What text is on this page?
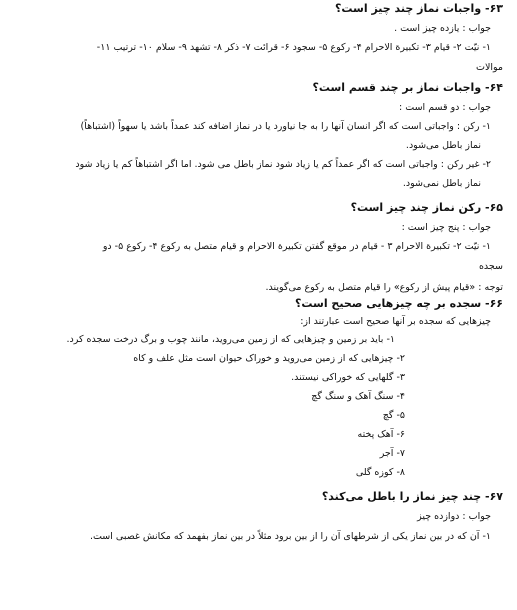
۶۳- واجبات نماز چند چیز است؟

جواب : یازده چیز است .

۱- نیّت ۲- قیام ۳- تکبیرة الاحرام ۴- رکوع ۵- سجود ۶- قرائت ۷- ذکر ۸- تشهد ۹- سلام ۱۰- ترتیب ۱۱-

موالات

۶۴- واجبات نماز بر چند قسم است؟

جواب : دو قسم است :

۱- رکن : واجباتی است که اگر انسان آنها را به جا نیاورد یا در نماز اضافه کند عمداً باشد یا سهواً (اشتباهاً)

نماز باطل می‌شود.

۲- غیر رکن : واجباتی است که اگر عمداً کم یا زیاد شود نماز باطل می شود. اما اگر اشتباهاً کم یا زیاد شود

نماز باطل نمی‌شود.

۶۵- رکن نماز چند چیز است؟

جواب : پنج چیز است :

۱- نیّت ۲- تکبیرة الاحرام ۳ - قیام در موقع گفتن تکبیرة الاحرام و قیام متصل به رکوع ۴- رکوع ۵- دو

سجده

توجه : «قیام پیش از رکوع» را قیام متصل به رکوع می‌گویند.

۶۶- سجده بر چه چیزهایی صحیح است؟

چیزهایی که سجده بر آنها صحیح است عبارتند از:

۱- باید بر زمین و چیزهایی که از زمین می‌روید، مانند چوب و برگ درخت سجده کرد.

۲- چیزهایی که از زمین می‌روید و خوراک حیوان است مثل علف و کاه

۳- گلهایی که خوراکی نیستند.

۴- سنگ آهک و سنگ گچ

۵- گچ

۶- آهک پخته

۷- آجر

۸- کوزه گلی

۶۷- چند چیز نماز را باطل می‌کند؟

جواب : دوازده چیز

۱- آن که در بین نماز یکی از شرطهای آن را از بین برود مثلاً در بین نماز بفهمد که مکانش غصبی است.
